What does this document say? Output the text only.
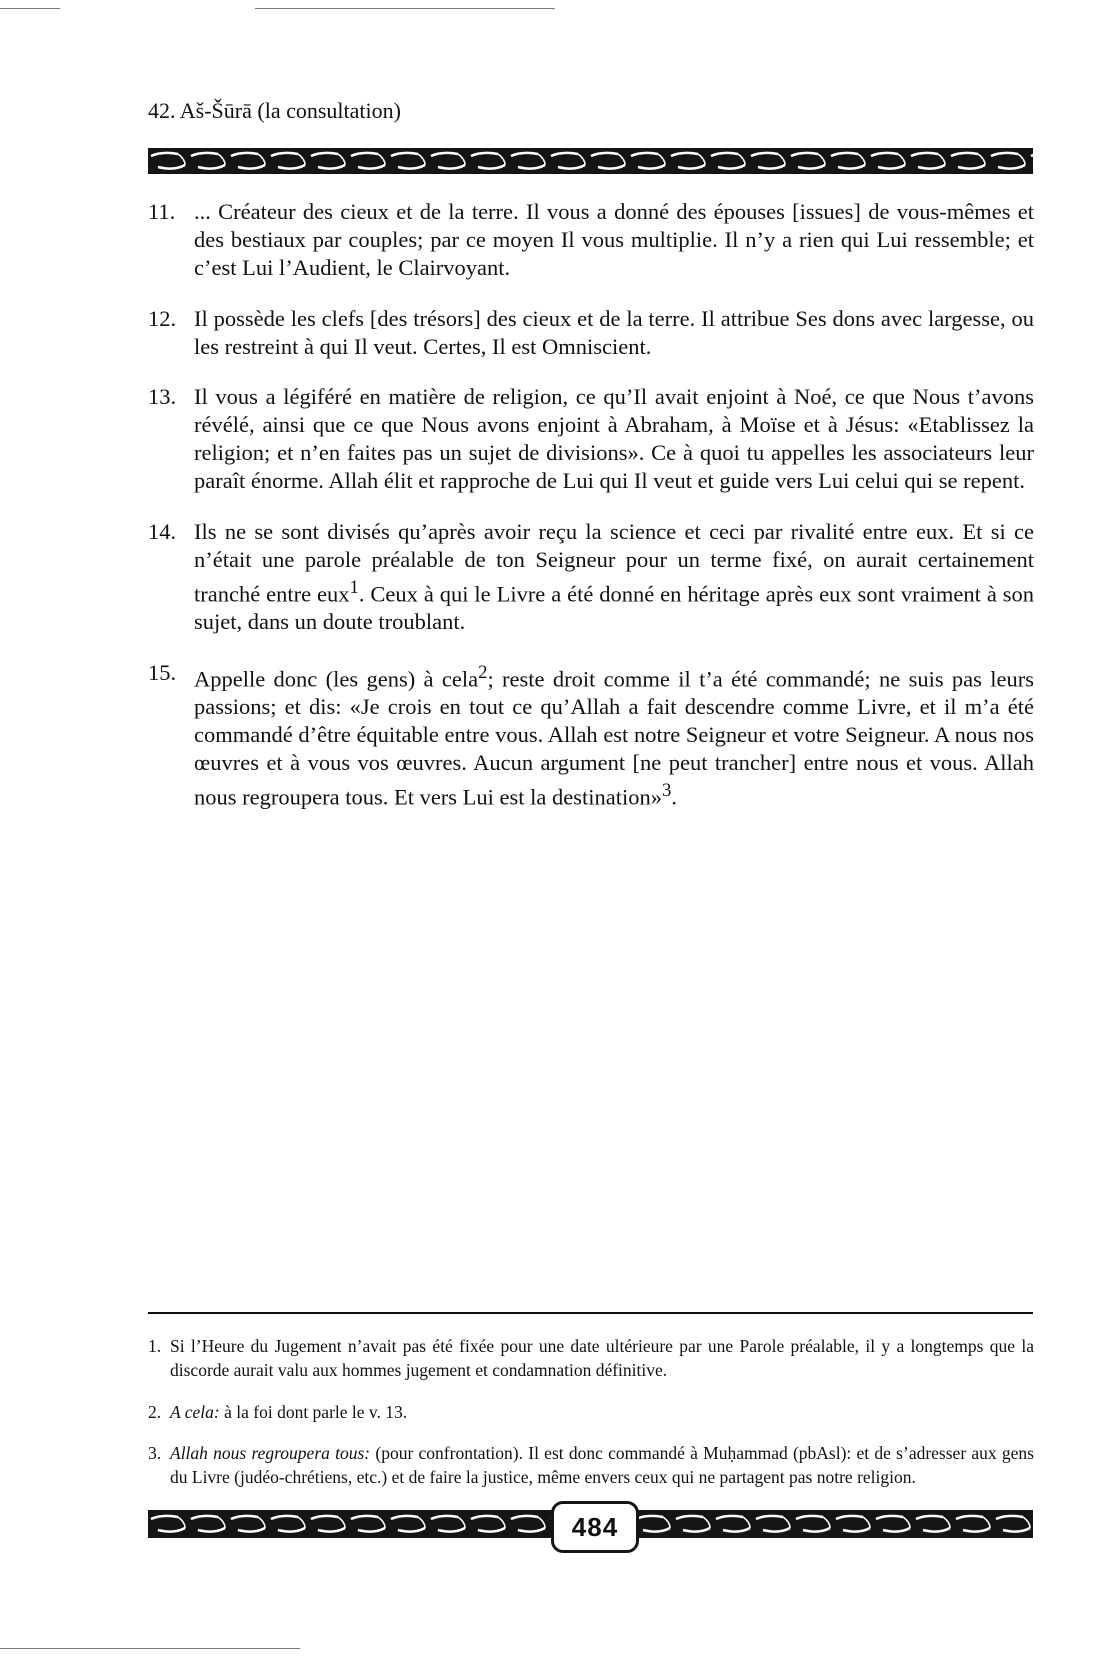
42. Aš-Šūrā (la consultation)

11. ... Créateur des cieux et de la terre. Il vous a donné des épouses [issues] de vous-mêmes et des bestiaux par couples; par ce moyen Il vous multiplie. Il n’y a rien qui Lui ressemble; et c’est Lui l’Audient, le Clairvoyant.

12. Il possède les clefs [des trésors] des cieux et de la terre. Il attribue Ses dons avec largesse, ou les restreint à qui Il veut. Certes, Il est Omniscient.

13. Il vous a légiféré en matière de religion, ce qu’Il avait enjoint à Noé, ce que Nous t’avons révélé, ainsi que ce que Nous avons enjoint à Abraham, à Moïse et à Jésus: «Etablissez la religion; et n’en faites pas un sujet de divisions». Ce à quoi tu appelles les associateurs leur paraît énorme. Allah élit et rapproche de Lui qui Il veut et guide vers Lui celui qui se repent.

14. Ils ne se sont divisés qu’après avoir reçu la science et ceci par rivalité entre eux. Et si ce n’était une parole préalable de ton Seigneur pour un terme fixé, on aurait certainement tranché entre eux$^1$. Ceux à qui le Livre a été donné en héritage après eux sont vraiment à son sujet, dans un doute troublant.

15. Appelle donc (les gens) à cela$^2$; reste droit comme il t’a été commandé; ne suis pas leurs passions; et dis: «Je crois en tout ce qu’Allah a fait descendre comme Livre, et il m’a été commandé d’être équitable entre vous. Allah est notre Seigneur et votre Seigneur. A nous nos œuvres et à vous vos œuvres. Aucun argument [ne peut trancher] entre nous et vous. Allah nous regroupera tous. Et vers Lui est la destination»$^3$.

1. Si l’Heure du Jugement n’avait pas été fixée pour une date ultérieure par une Parole préalable, il y a longtemps que la discorde aurait valu aux hommes jugement et condamnation définitive.

2. A cela: à la foi dont parle le v. 13.

3. Allah nous regroupera tous: (pour confrontation). Il est donc commandé à Muḥammad (pbAsl): et de s’adresser aux gens du Livre (judéo-chrétiens, etc.) et de faire la justice, même envers ceux qui ne partagent pas notre religion.

484
